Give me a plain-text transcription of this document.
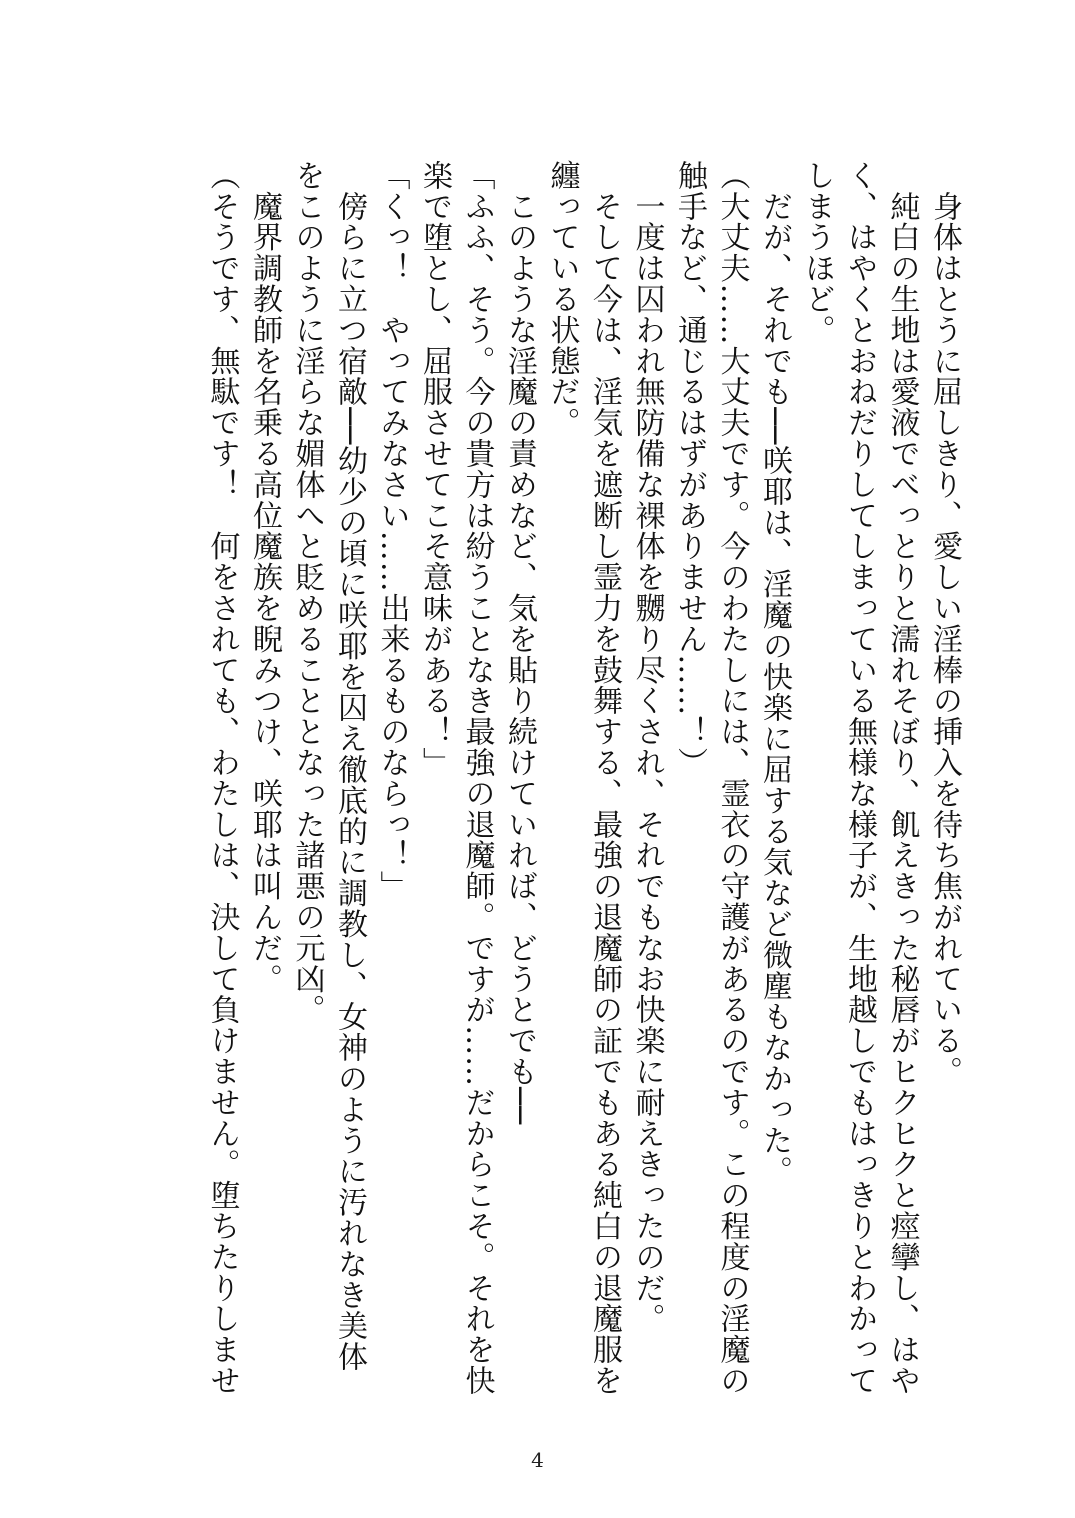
　身体はとうに屈しきり、愛しい淫棒の挿入を待ち焦がれている。
　純白の生地は愛液でべっとりと濡れそぼり、飢えきった秘唇がヒクヒクと痙攣し、はや
く、はやくとおねだりしてしまっている無様な様子が、生地越しでもはっきりとわかって
しまうほど。
　だが、それでも──咲耶は、淫魔の快楽に屈する気など微塵もなかった。
（大丈夫……大丈夫です。今のわたしには、霊衣の守護があるのです。この程度の淫魔の
触手など、通じるはずがありません……！）
　一度は囚われ無防備な裸体を嬲り尽くされ、それでもなお快楽に耐えきったのだ。
　そして今は、淫気を遮断し霊力を鼓舞する、最強の退魔師の証でもある純白の退魔服を
纏っている状態だ。
　このような淫魔の責めなど、気を貼り続けていれば、どうとでも──
「ふふ、そう。今の貴方は紛うことなき最強の退魔師。ですが……だからこそ。それを快
楽で堕とし、屈服させてこそ意味がある！」
「くっ！　やってみなさい……出来るものならっ！」
　傍らに立つ宿敵──幼少の頃に咲耶を囚え徹底的に調教し、女神のように汚れなき美体
をこのように淫らな媚体へと貶めることとなった諸悪の元凶。
　魔界調教師を名乗る高位魔族を睨みつけ、咲耶は叫んだ。
（そうです、無駄です！　何をされても、わたしは、決して負けません。堕ちたりしませ
4
